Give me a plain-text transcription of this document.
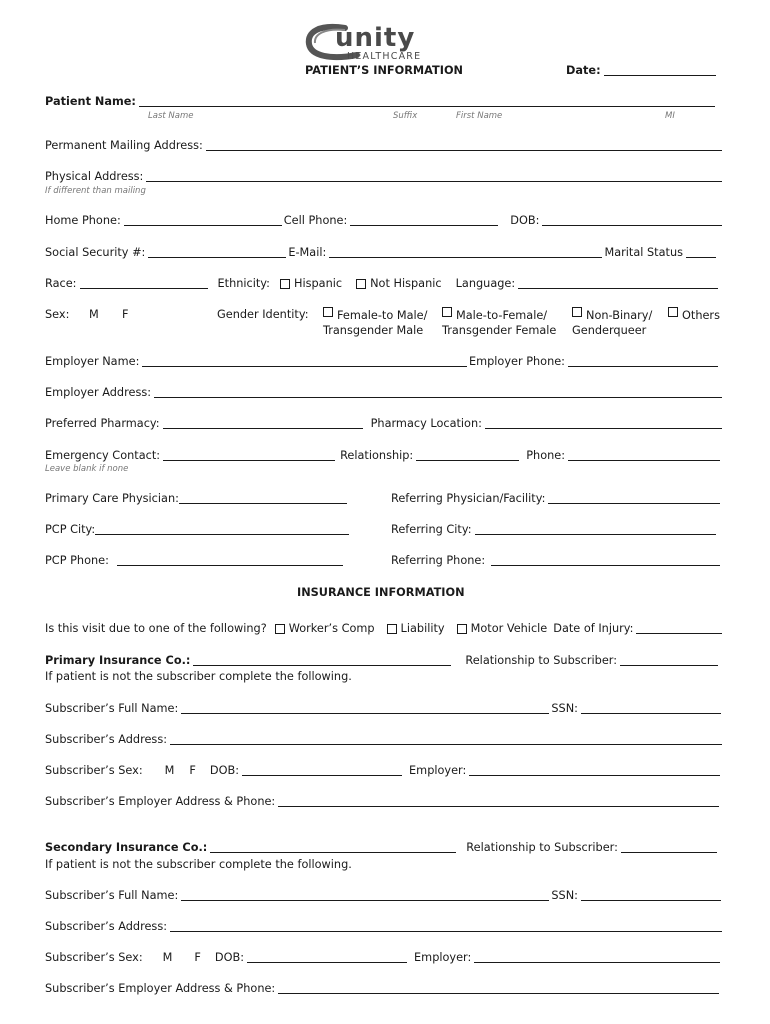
unity
HEALTHCARE
PATIENT’S INFORMATION	Date:
Patient Name:
Last Name	Suffix	First Name	MI
Permanent Mailing Address:
Physical Address:
If different than mailing
Home Phone:	Cell Phone:	DOB:
Social Security #:	E-Mail:	Marital Status
Race:	Ethnicity: Hispanic Not Hispanic Language:
Sex: M F	Gender Identity:	Female-to Male/
Transgender Male
Male-to-Female/
Transgender Female
Non-Binary/
Genderqueer
Others
Employer Name:	Employer Phone:
Employer Address:
Preferred Pharmacy:	Pharmacy Location:
Emergency Contact:	Relationship:	Phone:
Leave blank if none
Primary Care Physician:	Referring Physician/Facility:
PCP City:	Referring City:
PCP Phone:	Referring Phone:
INSURANCE INFORMATION
Is this visit due to one of the following? Worker’s Comp Liability Motor Vehicle Date of Injury:
Primary Insurance Co.:	Relationship to Subscriber:
If patient is not the subscriber complete the following.
Subscriber’s Full Name:	SSN:
Subscriber’s Address:
Subscriber’s Sex: M F DOB:	Employer:
Subscriber’s Employer Address & Phone:
Secondary Insurance Co.:	Relationship to Subscriber:
If patient is not the subscriber complete the following.
Subscriber’s Full Name:	SSN:
Subscriber’s Address:
Subscriber’s Sex: M F DOB:	Employer:
Subscriber’s Employer Address & Phone:
